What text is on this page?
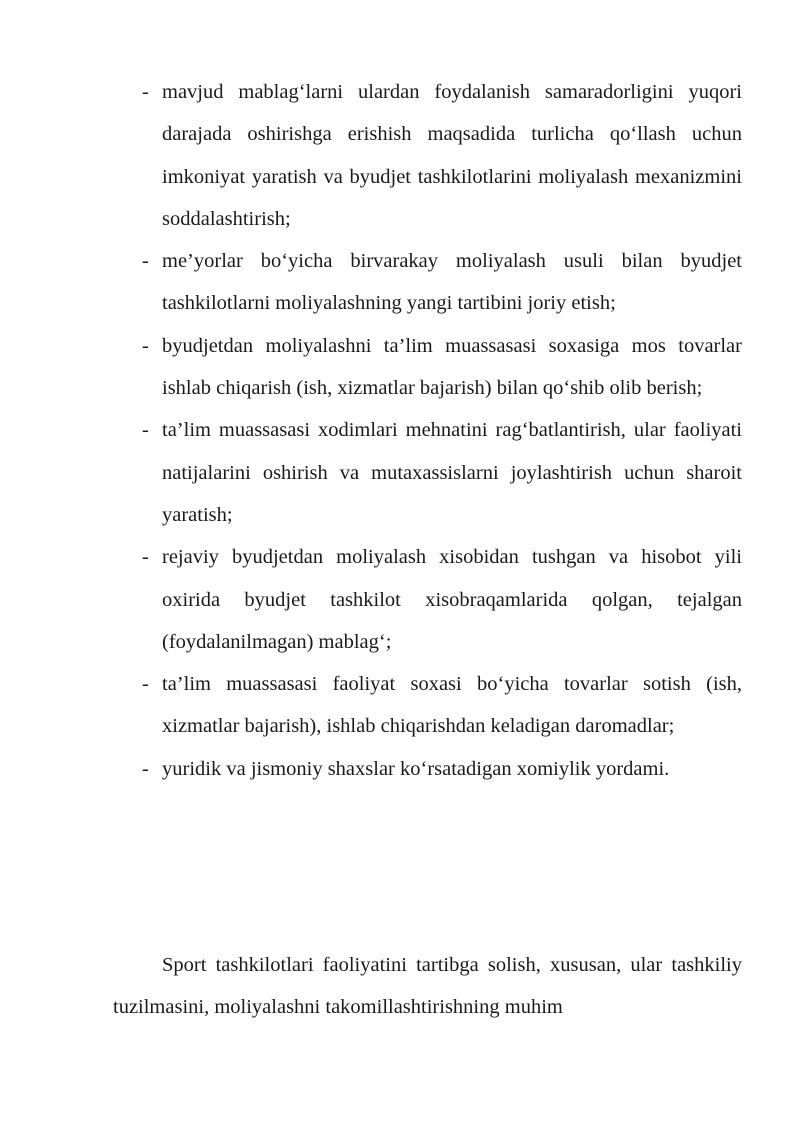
- mavjud mablag‘larni ulardan foydalanish samaradorligini yuqori darajada oshirishga erishish maqsadida turlicha qo‘llash uchun imkoniyat yaratish va byudjet tashkilotlarini moliyalash mexanizmini soddalashtirish;
- me’yorlar bo‘yicha birvarakay moliyalash usuli bilan byudjet tashkilotlarni moliyalashning yangi tartibini joriy etish;
- byudjetdan moliyalashni ta’lim muassasasi soxasiga mos tovarlar ishlab chiqarish (ish, xizmatlar bajarish) bilan qo‘shib olib berish;
- ta’lim muassasasi xodimlari mehnatini rag‘batlantirish, ular faoliyati natijalarini oshirish va mutaxassislarni joylashtirish uchun sharoit yaratish;
- rejaviy byudjetdan moliyalash xisobidan tushgan va hisobot yili oxirida byudjet tashkilot xisobraqamlarida qolgan, tejalgan (foydalanilmagan) mablag‘;
- ta’lim muassasasi faoliyat soxasi bo‘yicha tovarlar sotish (ish, xizmatlar bajarish), ishlab chiqarishdan keladigan daromadlar;
- yuridik va jismoniy shaxslar ko‘rsatadigan xomiylik yordami.

Sport tashkilotlari faoliyatini tartibga solish, xususan, ular tashkiliy tuzilmasini, moliyalashni takomillashtirishning muhim
